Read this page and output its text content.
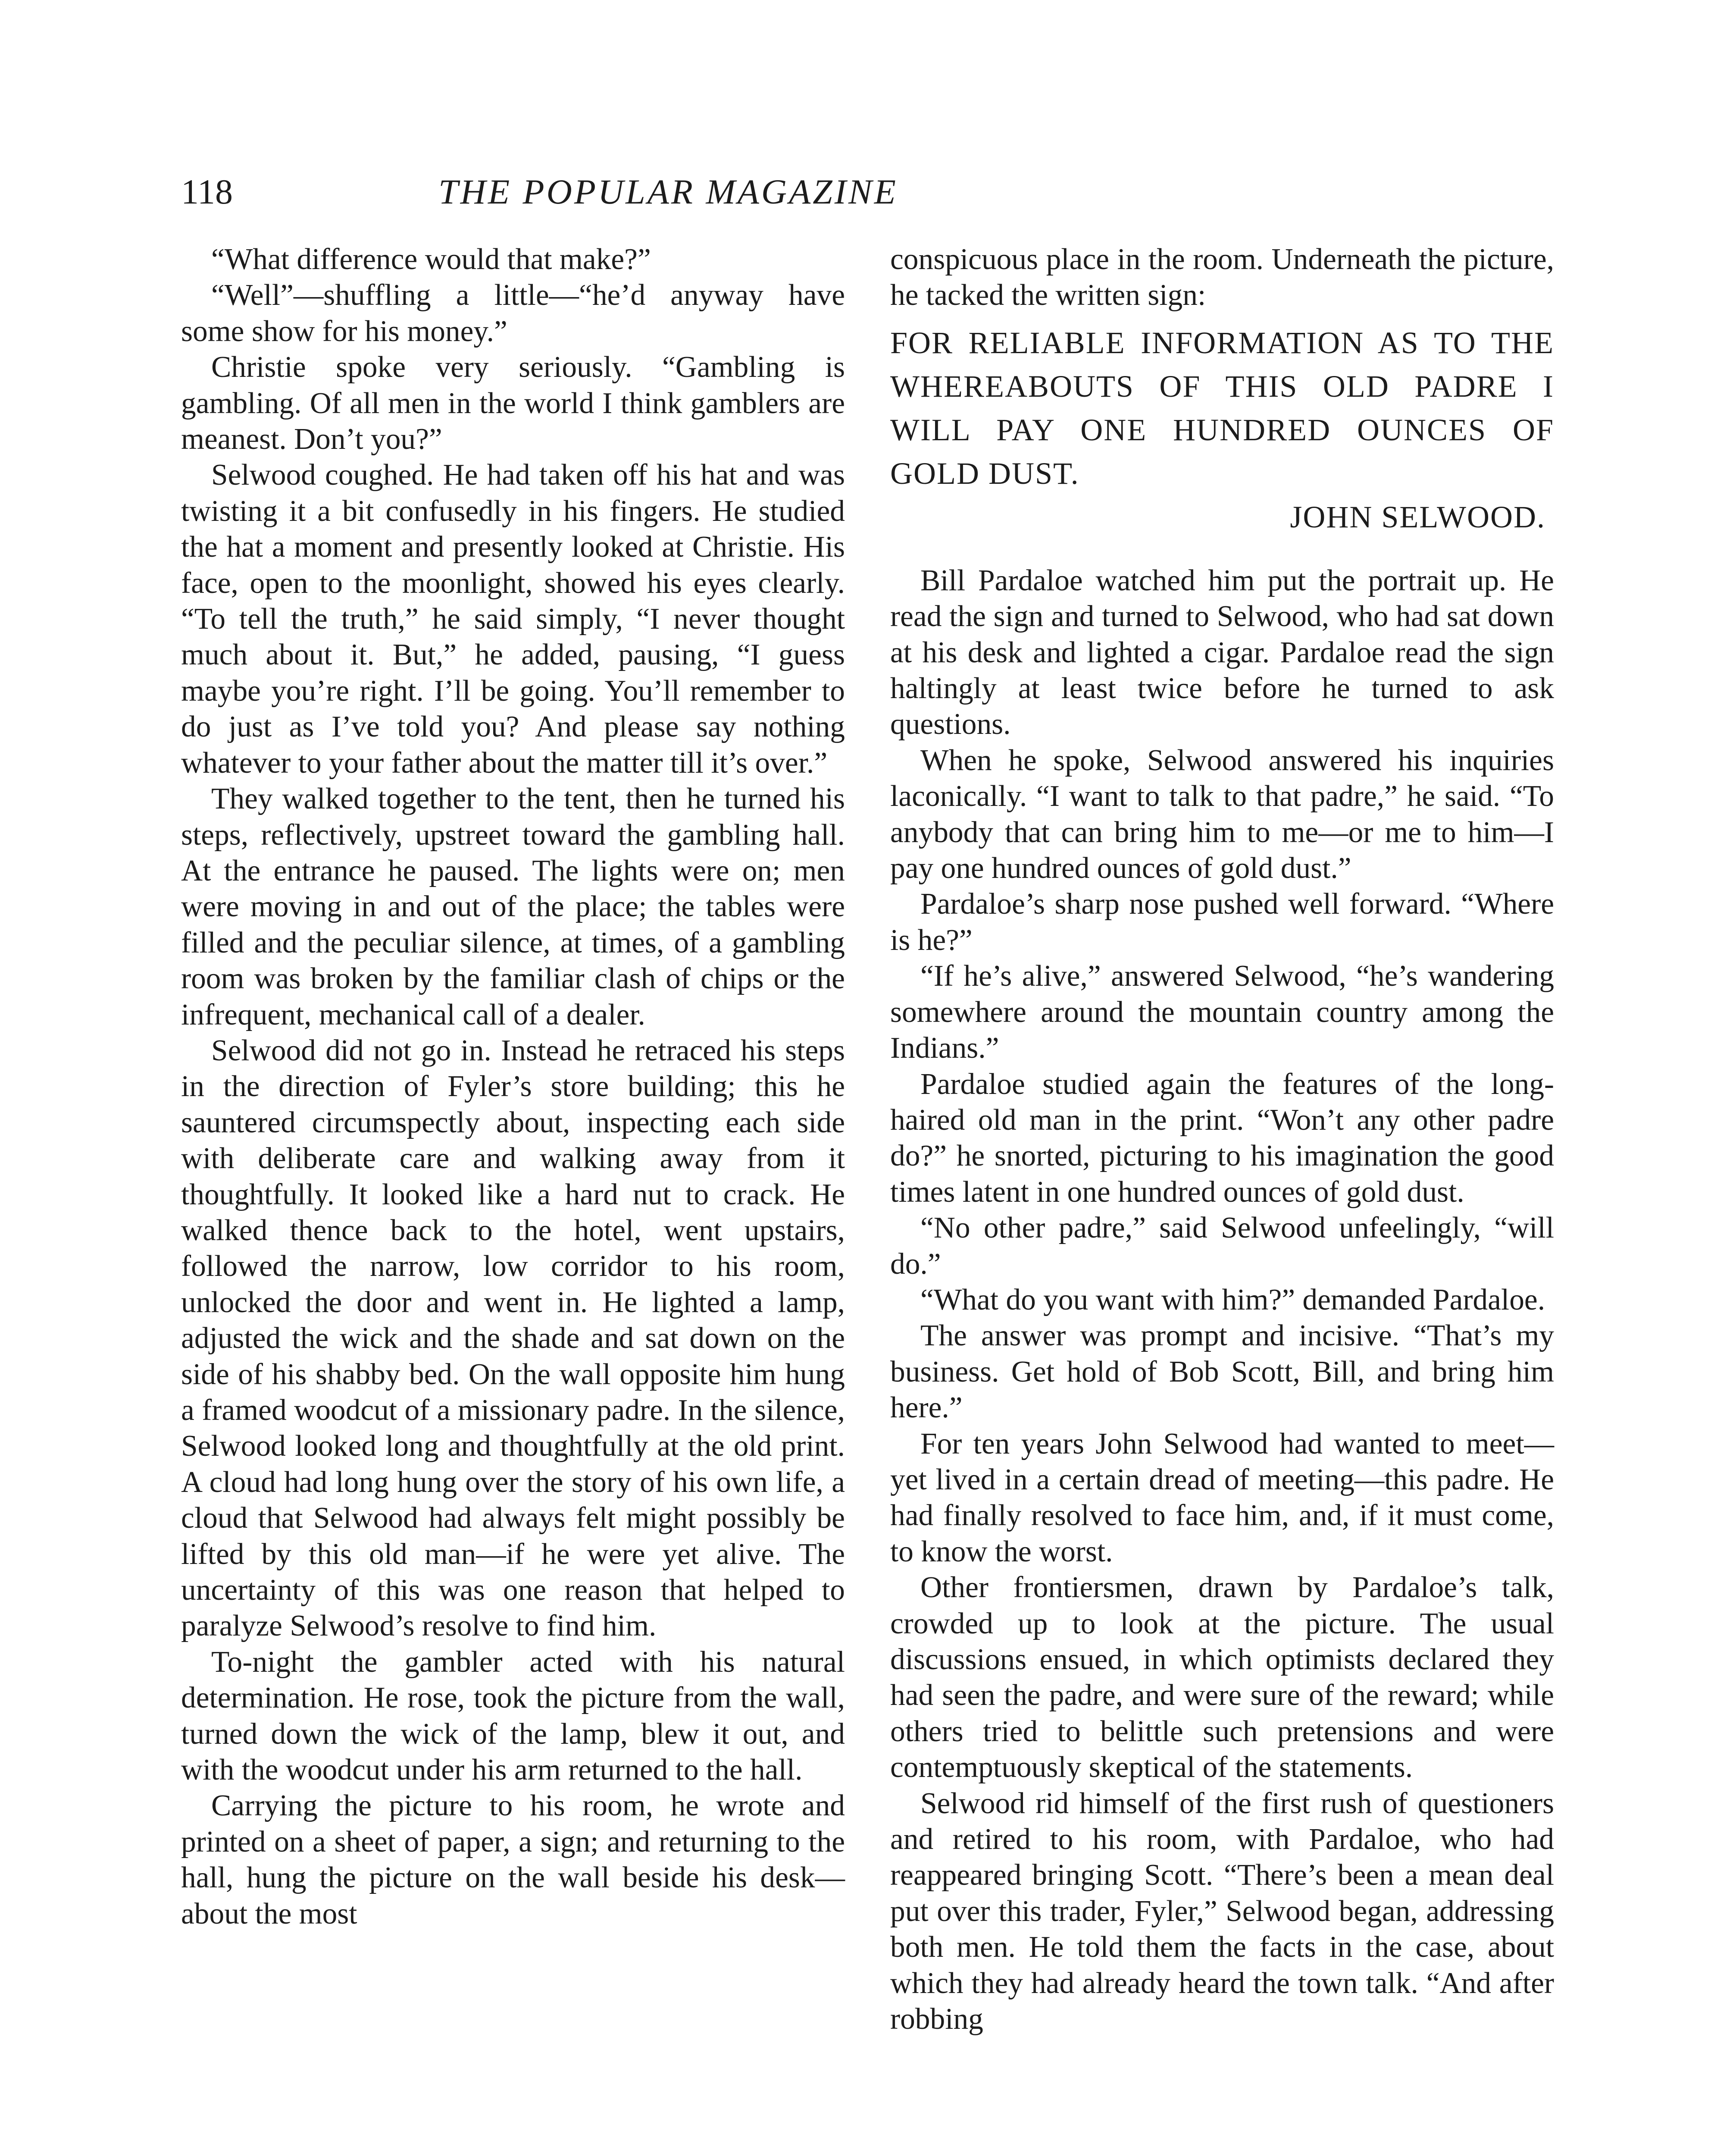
118	THE POPULAR MAGAZINE

“What difference would that make?”

“Well”—shuffling a little—“he’d anyway have some show for his money.”

Christie spoke very seriously. “Gambling is gambling. Of all men in the world I think gamblers are meanest. Don’t you?”

Selwood coughed. He had taken off his hat and was twisting it a bit confusedly in his fingers. He studied the hat a moment and presently looked at Christie. His face, open to the moonlight, showed his eyes clearly. “To tell the truth,” he said simply, “I never thought much about it. But,” he added, pausing, “I guess maybe you’re right. I’ll be going. You’ll remember to do just as I’ve told you? And please say nothing whatever to your father about the matter till it’s over.”

They walked together to the tent, then he turned his steps, reflectively, upstreet toward the gambling hall. At the entrance he paused. The lights were on; men were moving in and out of the place; the tables were filled and the peculiar silence, at times, of a gambling room was broken by the familiar clash of chips or the infrequent, mechanical call of a dealer.

Selwood did not go in. Instead he retraced his steps in the direction of Fyler’s store building; this he sauntered circumspectly about, inspecting each side with deliberate care and walking away from it thoughtfully. It looked like a hard nut to crack. He walked thence back to the hotel, went upstairs, followed the narrow, low corridor to his room, unlocked the door and went in. He lighted a lamp, adjusted the wick and the shade and sat down on the side of his shabby bed. On the wall opposite him hung a framed woodcut of a missionary padre. In the silence, Selwood looked long and thoughtfully at the old print. A cloud had long hung over the story of his own life, a cloud that Selwood had always felt might possibly be lifted by this old man—if he were yet alive. The uncertainty of this was one reason that helped to paralyze Selwood’s resolve to find him.

To-night the gambler acted with his natural determination. He rose, took the picture from the wall, turned down the wick of the lamp, blew it out, and with the woodcut under his arm returned to the hall.

Carrying the picture to his room, he wrote and printed on a sheet of paper, a sign; and returning to the hall, hung the picture on the wall beside his desk—about the most

conspicuous place in the room. Underneath the picture, he tacked the written sign:

FOR RELIABLE INFORMATION AS TO THE WHEREABOUTS OF THIS OLD PADRE I WILL PAY ONE HUNDRED OUNCES OF GOLD DUST.

JOHN SELWOOD.

Bill Pardaloe watched him put the portrait up. He read the sign and turned to Selwood, who had sat down at his desk and lighted a cigar. Pardaloe read the sign haltingly at least twice before he turned to ask questions.

When he spoke, Selwood answered his inquiries laconically. “I want to talk to that padre,” he said. “To anybody that can bring him to me—or me to him—I pay one hundred ounces of gold dust.”

Pardaloe’s sharp nose pushed well forward. “Where is he?”

“If he’s alive,” answered Selwood, “he’s wandering somewhere around the mountain country among the Indians.”

Pardaloe studied again the features of the long-haired old man in the print. “Won’t any other padre do?” he snorted, picturing to his imagination the good times latent in one hundred ounces of gold dust.

“No other padre,” said Selwood unfeelingly, “will do.”

“What do you want with him?” demanded Pardaloe.

The answer was prompt and incisive. “That’s my business. Get hold of Bob Scott, Bill, and bring him here.”

For ten years John Selwood had wanted to meet—yet lived in a certain dread of meeting—this padre. He had finally resolved to face him, and, if it must come, to know the worst.

Other frontiersmen, drawn by Pardaloe’s talk, crowded up to look at the picture. The usual discussions ensued, in which optimists declared they had seen the padre, and were sure of the reward; while others tried to belittle such pretensions and were contemptuously skeptical of the statements.

Selwood rid himself of the first rush of questioners and retired to his room, with Pardaloe, who had reappeared bringing Scott. “There’s been a mean deal put over this trader, Fyler,” Selwood began, addressing both men. He told them the facts in the case, about which they had already heard the town talk. “And after robbing
